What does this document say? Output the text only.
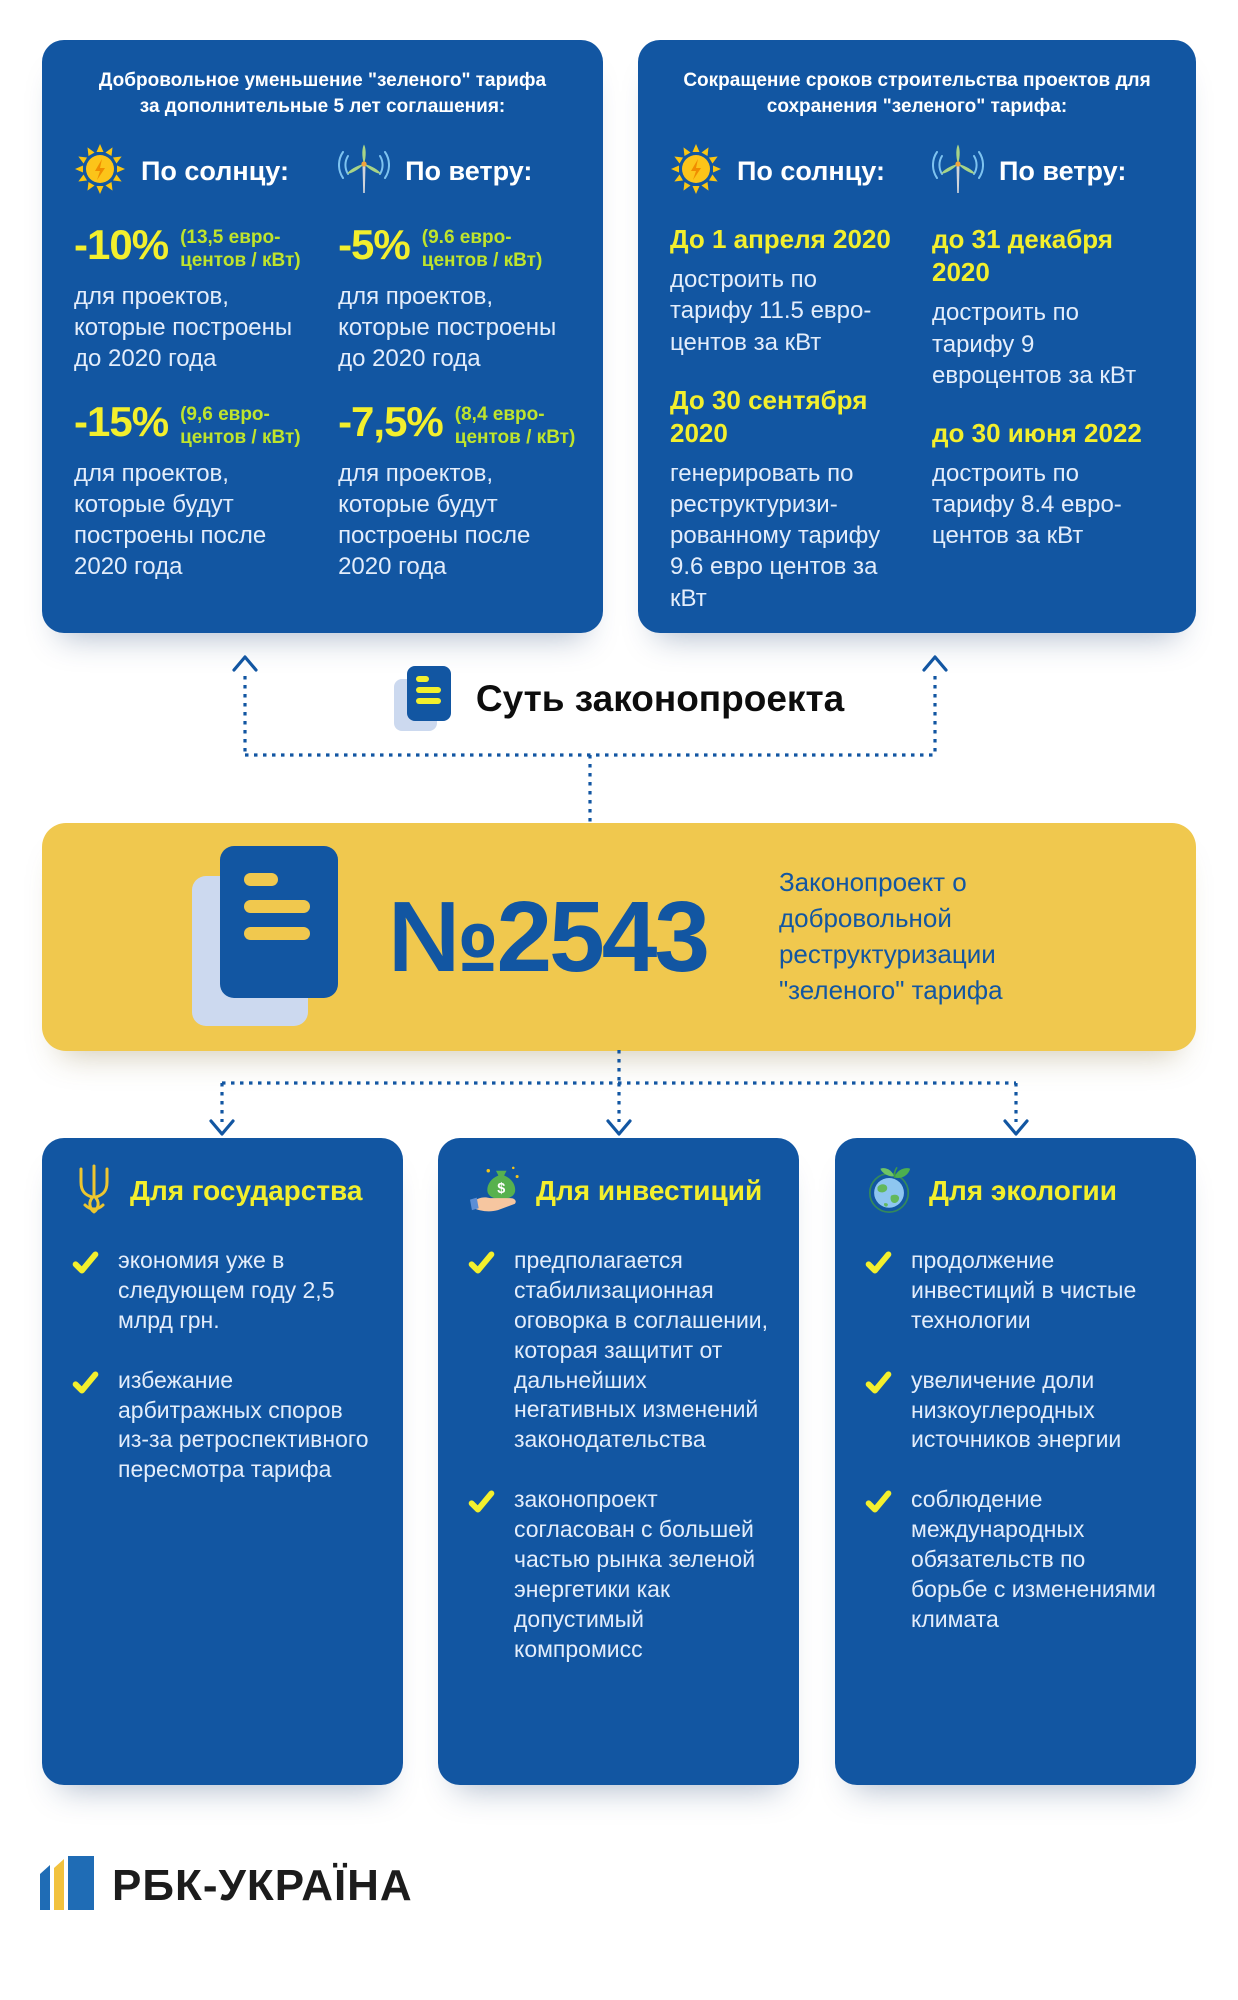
Добровольное уменьшение "зеленого" тарифа за дополнительные 5 лет соглашения:
По солнцу:
-10% (13,5 евро-центов / кВт)
для проектов, которые построены до 2020 года
-15% (9,6 евро-центов / кВт)
для проектов, которые будут построены после 2020 года
По ветру:
-5% (9.6 евро-центов / кВт)
для проектов, которые построены до 2020 года
-7,5% (8,4 евро-центов / кВт)
для проектов, которые будут построены после 2020 года
Сокращение сроков строительства проектов для сохранения "зеленого" тарифа:
По солнцу:
До 1 апреля 2020
достроить по тарифу 11.5 евро-центов за кВт
До 30 сентября 2020
генерировать по реструктуризи-рованному тарифу 9.6 евро центов за кВт
По ветру:
до 31 декабря 2020
достроить по тарифу 9 евроцентов за кВт
до 30 июня 2022
достроить по тарифу 8.4 евро-центов за кВт
Суть законопроекта
№2543	Законопроект о добровольной реструктуризации "зеленого" тарифа
Для государства
экономия уже в следующем году 2,5 млрд грн.
избежание арбитражных споров из-за ретроспективного пересмотра тарифа
$ Для инвестиций
предполагается стабилизационная оговорка в соглашении, которая защитит от дальнейших негативных изменений законодательства
законопроект согласован с большей частью рынка зеленой энергетики как допустимый компромисс
Для экологии
продолжение инвестиций в чистые технологии
увеличение доли низкоуглеродных источников энергии
соблюдение международных обязательств по борьбе с изменениями климата
РБК-УКРАЇНА
